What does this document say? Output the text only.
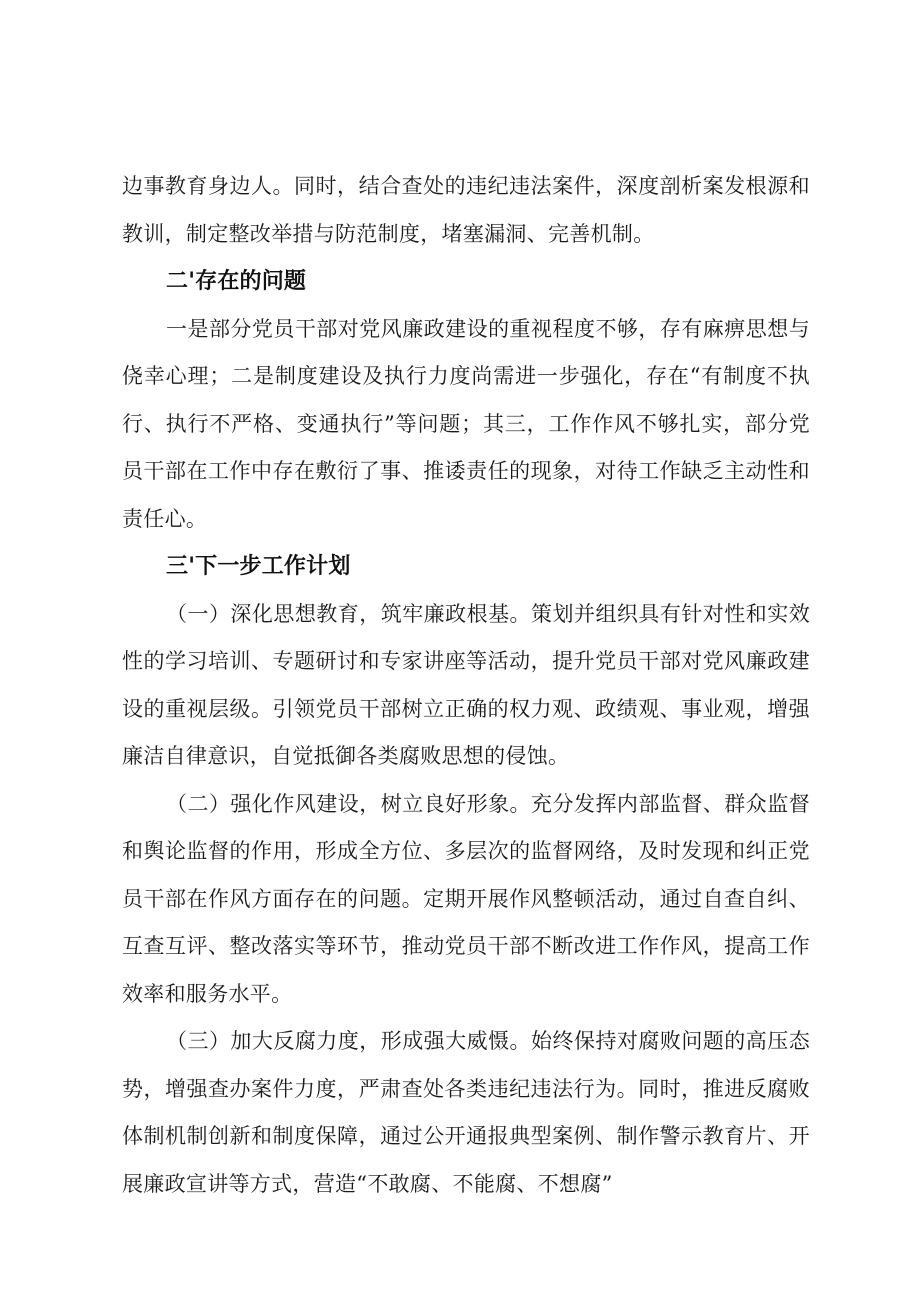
边事教育身边人。同时，结合查处的违纪违法案件，深度剖析案发根源和教训，制定整改举措与防范制度，堵塞漏洞、完善机制。

二'存在的问题

一是部分党员干部对党风廉政建设的重视程度不够，存有麻痹思想与侥幸心理；二是制度建设及执行力度尚需进一步强化，存在“有制度不执行、执行不严格、变通执行”等问题；其三，工作作风不够扎实，部分党员干部在工作中存在敷衍了事、推诿责任的现象，对待工作缺乏主动性和责任心。

三'下一步工作计划

（一）深化思想教育，筑牢廉政根基。策划并组织具有针对性和实效性的学习培训、专题研讨和专家讲座等活动，提升党员干部对党风廉政建设的重视层级。引领党员干部树立正确的权力观、政绩观、事业观，增强廉洁自律意识，自觉抵御各类腐败思想的侵蚀。

（二）强化作风建设，树立良好形象。充分发挥内部监督、群众监督和舆论监督的作用，形成全方位、多层次的监督网络，及时发现和纠正党员干部在作风方面存在的问题。定期开展作风整顿活动，通过自查自纠、互查互评、整改落实等环节，推动党员干部不断改进工作作风，提高工作效率和服务水平。

（三）加大反腐力度，形成强大威慑。始终保持对腐败问题的高压态势，增强查办案件力度，严肃查处各类违纪违法行为。同时，推进反腐败体制机制创新和制度保障，通过公开通报典型案例、制作警示教育片、开展廉政宣讲等方式，营造“不敢腐、不能腐、不想腐”
